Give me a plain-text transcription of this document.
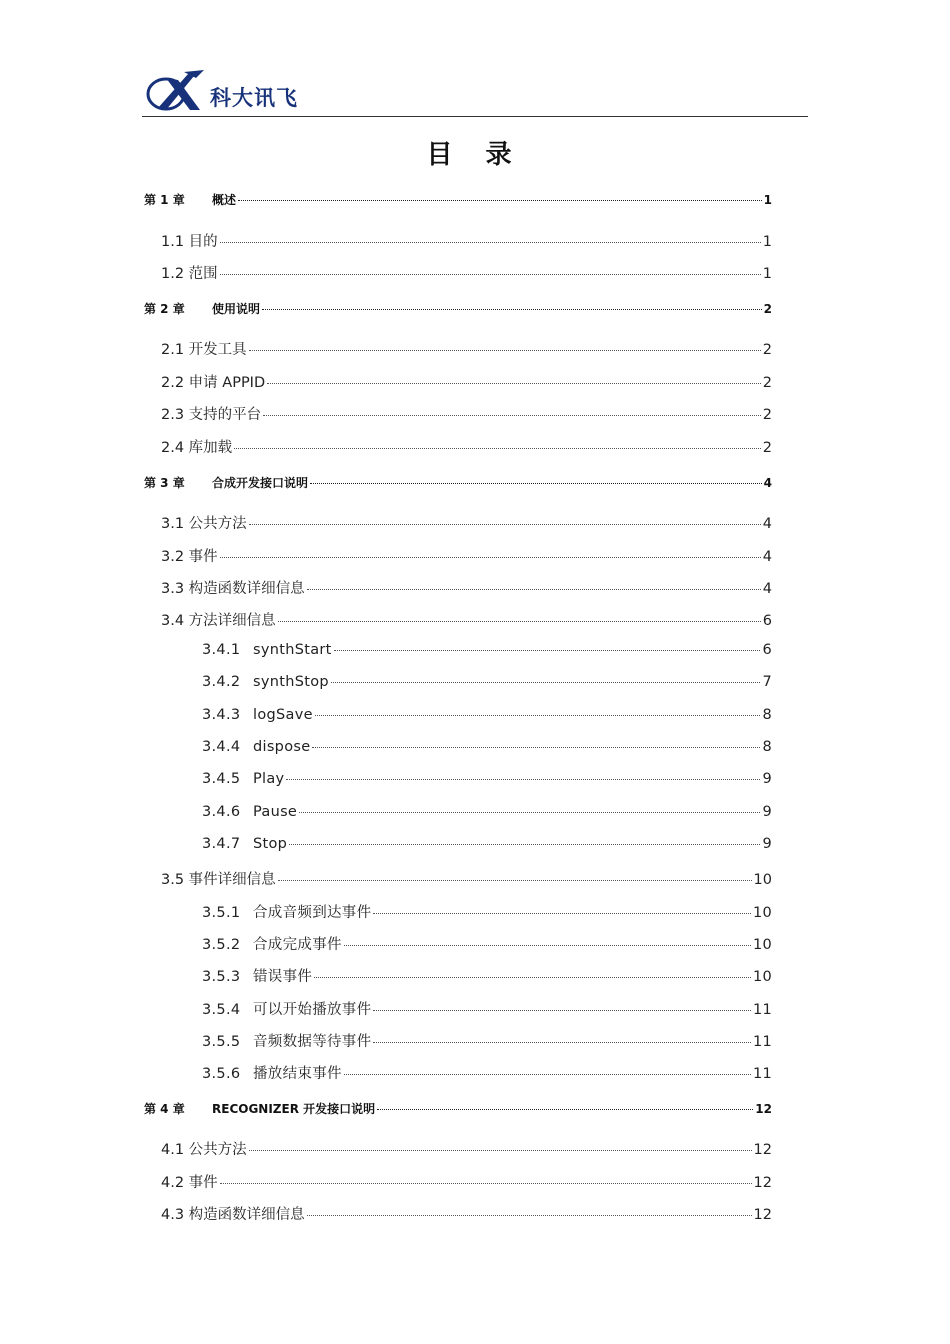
科大讯飞
目 录
第 1 章 概述	1
1.1 目的	1
1.2 范围	1
第 2 章 使用说明	2
2.1 开发工具	2
2.2 申请 APPID	2
2.3 支持的平台	2
2.4 库加载	2
第 3 章 合成开发接口说明	4
3.1 公共方法	4
3.2 事件	4
3.3 构造函数详细信息	4
3.4 方法详细信息	6
3.4.1 synthStart	6
3.4.2 synthStop	7
3.4.3 logSave	8
3.4.4 dispose	8
3.4.5 Play	9
3.4.6 Pause	9
3.4.7 Stop	9
3.5 事件详细信息	10
3.5.1 合成音频到达事件	10
3.5.2 合成完成事件	10
3.5.3 错误事件	10
3.5.4 可以开始播放事件	11
3.5.5 音频数据等待事件	11
3.5.6 播放结束事件	11
第 4 章 RECOGNIZER 开发接口说明	12
4.1 公共方法	12
4.2 事件	12
4.3 构造函数详细信息	12
